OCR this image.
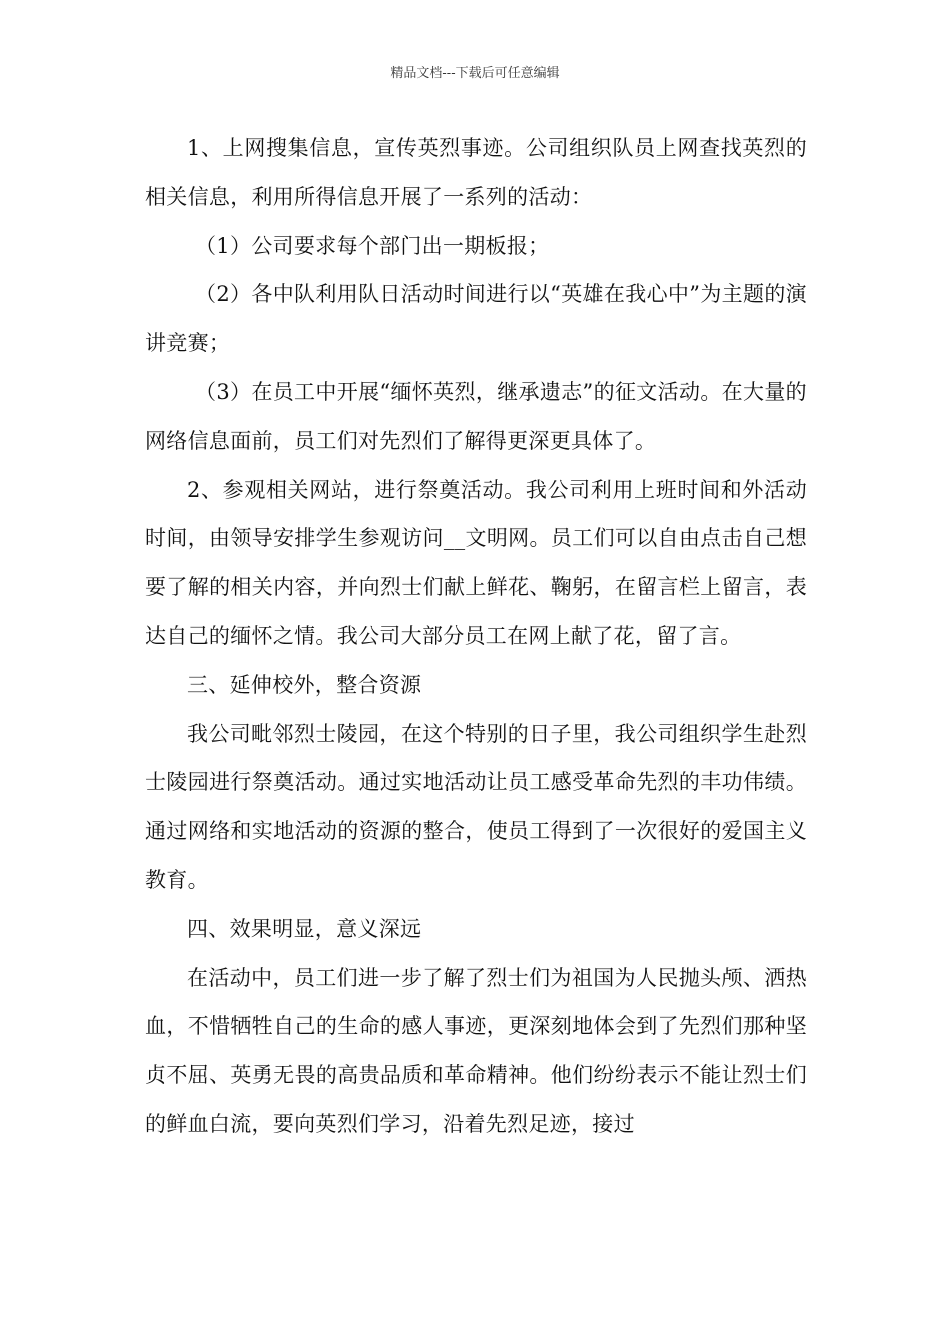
精品文档---下载后可任意编辑

1、上网搜集信息，宣传英烈事迹。公司组织队员上网查找英烈的相关信息，利用所得信息开展了一系列的活动：

（1）公司要求每个部门出一期板报；

（2）各中队利用队日活动时间进行以“英雄在我心中”为主题的演讲竞赛；

（3）在员工中开展“缅怀英烈，继承遗志”的征文活动。在大量的网络信息面前，员工们对先烈们了解得更深更具体了。

2、参观相关网站，进行祭奠活动。我公司利用上班时间和外活动时间，由领导安排学生参观访问__文明网。员工们可以自由点击自己想要了解的相关内容，并向烈士们献上鲜花、鞠躬，在留言栏上留言，表达自己的缅怀之情。我公司大部分员工在网上献了花，留了言。

三、延伸校外，整合资源

我公司毗邻烈士陵园，在这个特别的日子里，我公司组织学生赴烈士陵园进行祭奠活动。通过实地活动让员工感受革命先烈的丰功伟绩。通过网络和实地活动的资源的整合，使员工得到了一次很好的爱国主义教育。

四、效果明显，意义深远

在活动中，员工们进一步了解了烈士们为祖国为人民抛头颅、洒热血，不惜牺牲自己的生命的感人事迹，更深刻地体会到了先烈们那种坚贞不屈、英勇无畏的高贵品质和革命精神。他们纷纷表示不能让烈士们的鲜血白流，要向英烈们学习，沿着先烈足迹，接过
